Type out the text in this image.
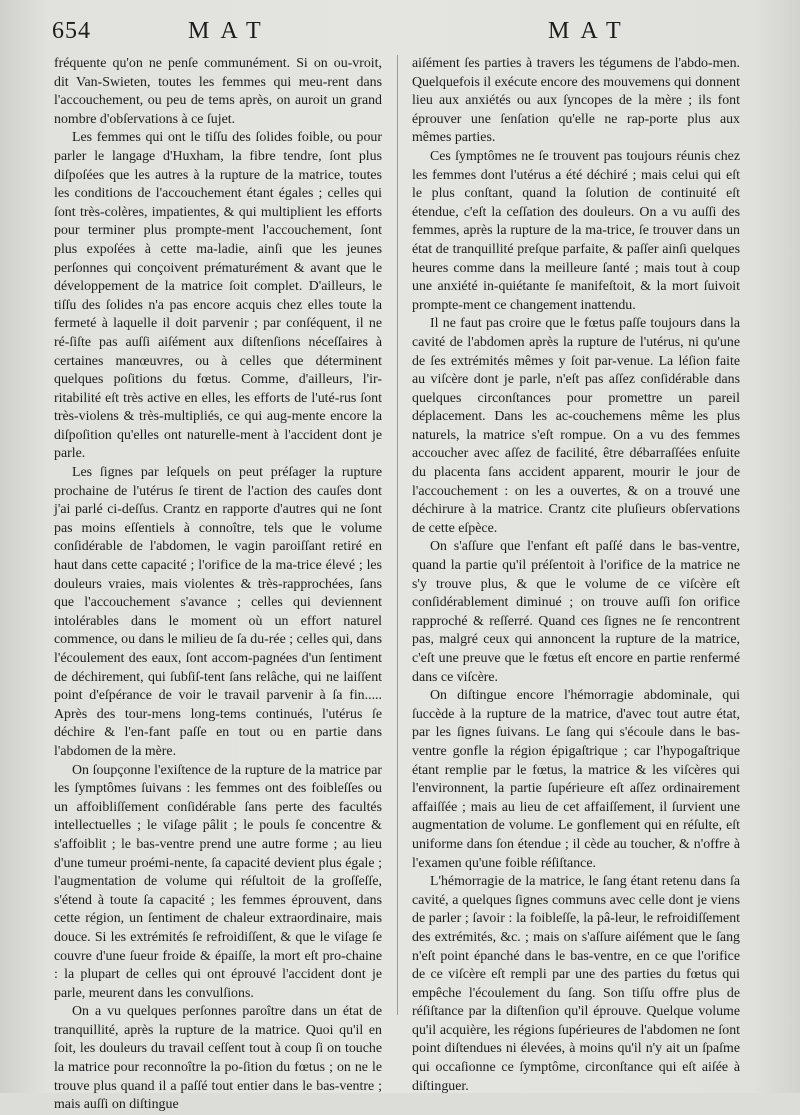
654	MAT	MAT

fréquente qu'on ne penſe communément. Si on ou-vroit, dit Van-Swieten, toutes les femmes qui meu-rent dans l'accouchement, ou peu de tems après, on auroit un grand nombre d'obſervations à ce ſujet.

Les femmes qui ont le tiſſu des ſolides foible, ou pour parler le langage d'Huxham, la fibre tendre, ſont plus diſpoſées que les autres à la rupture de la matrice, toutes les conditions de l'accouchement étant égales ; celles qui ſont très-colères, impatientes, & qui multiplient les efforts pour terminer plus prompte-ment l'accouchement, ſont plus expoſées à cette ma-ladie, ainſi que les jeunes perſonnes qui conçoivent prématurément & avant que le développement de la matrice ſoit complet. D'ailleurs, le tiſſu des ſolides n'a pas encore acquis chez elles toute la fermeté à laquelle il doit parvenir ; par conſéquent, il ne ré-ſiſte pas auſſi aiſément aux diſtenſions néceſſaires à certaines manœuvres, ou à celles que déterminent quelques poſitions du fœtus. Comme, d'ailleurs, l'ir-ritabilité eſt très active en elles, les efforts de l'uté-rus ſont très-violens & très-multipliés, ce qui aug-mente encore la diſpoſition qu'elles ont naturelle-ment à l'accident dont je parle.

Les ſignes par leſquels on peut préſager la rupture prochaine de l'utérus ſe tirent de l'action des cauſes dont j'ai parlé ci-deſſus. Crantz en rapporte d'autres qui ne ſont pas moins eſſentiels à connoître, tels que le volume conſidérable de l'abdomen, le vagin paroiſſant retiré en haut dans cette capacité ; l'orifice de la ma-trice élevé ; les douleurs vraies, mais violentes & très-rapprochées, ſans que l'accouchement s'avance ; celles qui deviennent intolérables dans le moment où un effort naturel commence, ou dans le milieu de ſa du-rée ; celles qui, dans l'écoulement des eaux, ſont accom-pagnées d'un ſentiment de déchirement, qui ſubſiſ-tent ſans relâche, qui ne laiſſent point d'eſpérance de voir le travail parvenir à ſa fin..... Après des tour-mens long-tems continués, l'utérus ſe déchire & l'en-fant paſſe en tout ou en partie dans l'abdomen de la mère.

On ſoupçonne l'exiſtence de la rupture de la matrice par les ſymptômes ſuivans : les femmes ont des foibleſſes ou un affoibliſſement conſidérable ſans perte des facultés intellectuelles ; le viſage pâlit ; le pouls ſe concentre & s'affoiblit ; le bas-ventre prend une autre forme ; au lieu d'une tumeur proémi-nente, ſa capacité devient plus égale ; l'augmentation de volume qui réſultoit de la groſſeſſe, s'étend à toute ſa capacité ; les femmes éprouvent, dans cette région, un ſentiment de chaleur extraordinaire, mais douce. Si les extrémités ſe refroidiſſent, & que le viſage ſe couvre d'une ſueur froide & épaiſſe, la mort eſt pro-chaine : la plupart de celles qui ont éprouvé l'accident dont je parle, meurent dans les convulſions.

On a vu quelques perſonnes paroître dans un état de tranquillité, après la rupture de la matrice. Quoi qu'il en ſoit, les douleurs du travail ceſſent tout à coup ſi on touche la matrice pour reconnoître la po-ſition du fœtus ; on ne le trouve plus quand il a paſſé tout entier dans le bas-ventre ; mais auſſi on diſtingue

aiſément ſes parties à travers les tégumens de l'abdo-men. Quelquefois il exécute encore des mouvemens qui donnent lieu aux anxiétés ou aux ſyncopes de la mère ; ils font éprouver une ſenſation qu'elle ne rap-porte plus aux mêmes parties.

Ces ſymptômes ne ſe trouvent pas toujours réunis chez les femmes dont l'utérus a été déchiré ; mais celui qui eſt le plus conſtant, quand la ſolution de continuité eſt étendue, c'eſt la ceſſation des douleurs. On a vu auſſi des femmes, après la rupture de la ma-trice, ſe trouver dans un état de tranquillité preſque parfaite, & paſſer ainſi quelques heures comme dans la meilleure ſanté ; mais tout à coup une anxiété in-quiétante ſe manifeſtoit, & la mort ſuivoit prompte-ment ce changement inattendu.

Il ne faut pas croire que le fœtus paſſe toujours dans la cavité de l'abdomen après la rupture de l'utérus, ni qu'une de ſes extrémités mêmes y ſoit par-venue. La léſion faite au viſcère dont je parle, n'eſt pas aſſez conſidérable dans quelques circonſtances pour promettre un pareil déplacement. Dans les ac-couchemens même les plus naturels, la matrice s'eſt rompue. On a vu des femmes accoucher avec aſſez de facilité, être débarraſſées enſuite du placenta ſans accident apparent, mourir le jour de l'accouchement : on les a ouvertes, & on a trouvé une déchirure à la matrice. Crantz cite pluſieurs obſervations de cette eſpèce.

On s'aſſure que l'enfant eſt paſſé dans le bas-ventre, quand la partie qu'il préſentoit à l'orifice de la matrice ne s'y trouve plus, & que le volume de ce viſcère eſt conſidérablement diminué ; on trouve auſſi ſon orifice rapproché & reſſerré. Quand ces ſignes ne ſe rencontrent pas, malgré ceux qui annoncent la rupture de la matrice, c'eſt une preuve que le fœtus eſt encore en partie renfermé dans ce viſcère.

On diſtingue encore l'hémorragie abdominale, qui ſuccède à la rupture de la matrice, d'avec tout autre état, par les ſignes ſuivans. Le ſang qui s'écoule dans le bas-ventre gonfle la région épigaſtrique ; car l'hypogaſtrique étant remplie par le fœtus, la matrice & les viſcères qui l'environnent, la partie ſupérieure eſt aſſez ordinairement affaiſſée ; mais au lieu de cet affaiſſement, il ſurvient une augmentation de volume. Le gonflement qui en réſulte, eſt uniforme dans ſon étendue ; il cède au toucher, & n'offre à l'examen qu'une foible réſiſtance.

L'hémorragie de la matrice, le ſang étant retenu dans ſa cavité, a quelques ſignes communs avec celle dont je viens de parler ; ſavoir : la foibleſſe, la pâ-leur, le refroidiſſement des extrémités, &c. ; mais on s'aſſure aiſément que le ſang n'eſt point épanché dans le bas-ventre, en ce que l'orifice de ce viſcère eſt rempli par une des parties du fœtus qui empêche l'écoulement du ſang. Son tiſſu offre plus de réſiſtance par la diſtenſion qu'il éprouve. Quelque volume qu'il acquière, les régions ſupérieures de l'abdomen ne ſont point diſtendues ni élevées, à moins qu'il n'y ait un ſpaſme qui occaſionne ce ſymptôme, circonſtance qui eſt aiſée à diſtinguer.
